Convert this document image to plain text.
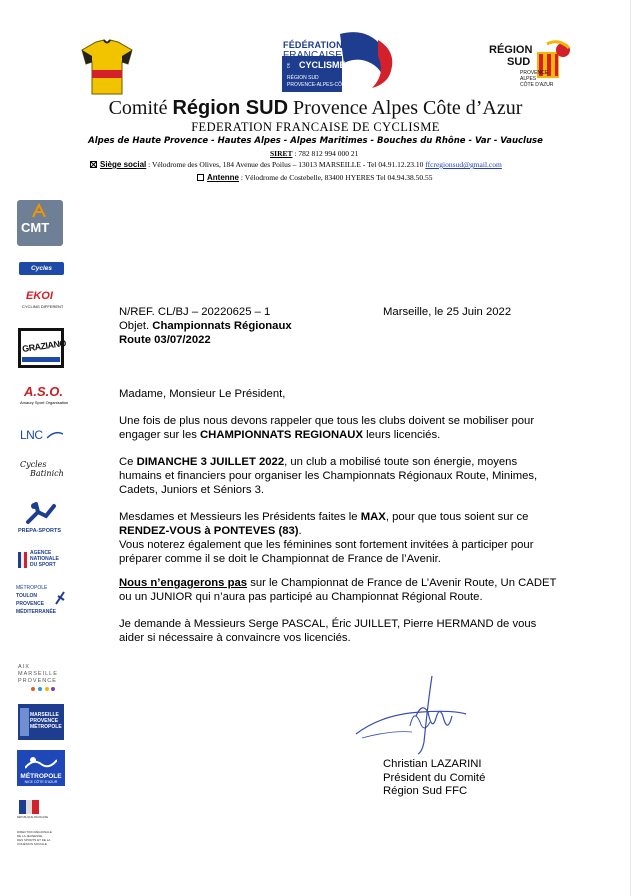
FÉDÉRATION
FRANÇAISE
CYCLISME
DE
RÉGION SUD
PROVENCE-ALPES-CÔTE D'AZUR
RÉGION
SUD
PROVENCE
ALPES
CÔTE D'AZUR
Comité Région SUD Provence Alpes Côte d’Azur
FEDERATION FRANCAISE DE CYCLISME
Alpes de Haute Provence - Hautes Alpes - Alpes Maritimes - Bouches du Rhône - Var - Vaucluse
SIRET : 782 812 994 000 21
Siège social : Vélodrome des Olives, 184 Avenue des Poilus – 13013 MARSEILLE - Tel 04.91.12.23.10 ffcregionsud@gmail.com
Antenne : Vélodrome de Costebelle, 83400 HYERES Tel 04.94.38.50.55
CMT
Cycles Béraud
EKOI
CYCLING DIFFERENT
GRAZIANO
A.S.O.
Amaury Sport Organisation
LNC
Cycles
Batinich
PREPA-SPORTS
AGENCE
NATIONALE
DU SPORT
MÉTROPOLE
TOULON
PROVENCE
MÉDITERRANÉE
AIX
MARSEILLE
PROVENCE
MARSEILLE
PROVENCE
MÉTROPOLE
MÉTROPOLE
NICE CÔTE D'AZUR
RÉPUBLIQUE FRANÇAISE
DIRECTION RÉGIONALE
DE LA JEUNESSE,
DES SPORTS ET DE LA
COHÉSION SOCIALE
N/REF. CL/BJ – 20220625 – 1	Marseille, le 25 Juin 2022
Objet. Championnats Régionaux
Route 03/07/2022
Madame, Monsieur Le Président,
Une fois de plus nous devons rappeler que tous les clubs doivent se mobiliser pour engager sur les CHAMPIONNATS REGIONAUX leurs licenciés.
Ce DIMANCHE 3 JUILLET 2022, un club a mobilisé toute son énergie, moyens humains et financiers pour organiser les Championnats Régionaux Route, Minimes, Cadets, Juniors et Séniors 3.
Mesdames et Messieurs les Présidents faites le MAX, pour que tous soient sur ce RENDEZ-VOUS à PONTEVES (83).
Vous noterez également que les féminines sont fortement invitées à participer pour préparer comme il se doit le Championnat de France de l’Avenir.
Nous n’engagerons pas sur le Championnat de France de L’Avenir Route, Un CADET ou un JUNIOR qui n’aura pas participé au Championnat Régional Route.
Je demande à Messieurs Serge PASCAL, Éric JUILLET, Pierre HERMAND de vous aider si nécessaire à convaincre vos licenciés.
Christian LAZARINI
Président du Comité
Région Sud FFC
